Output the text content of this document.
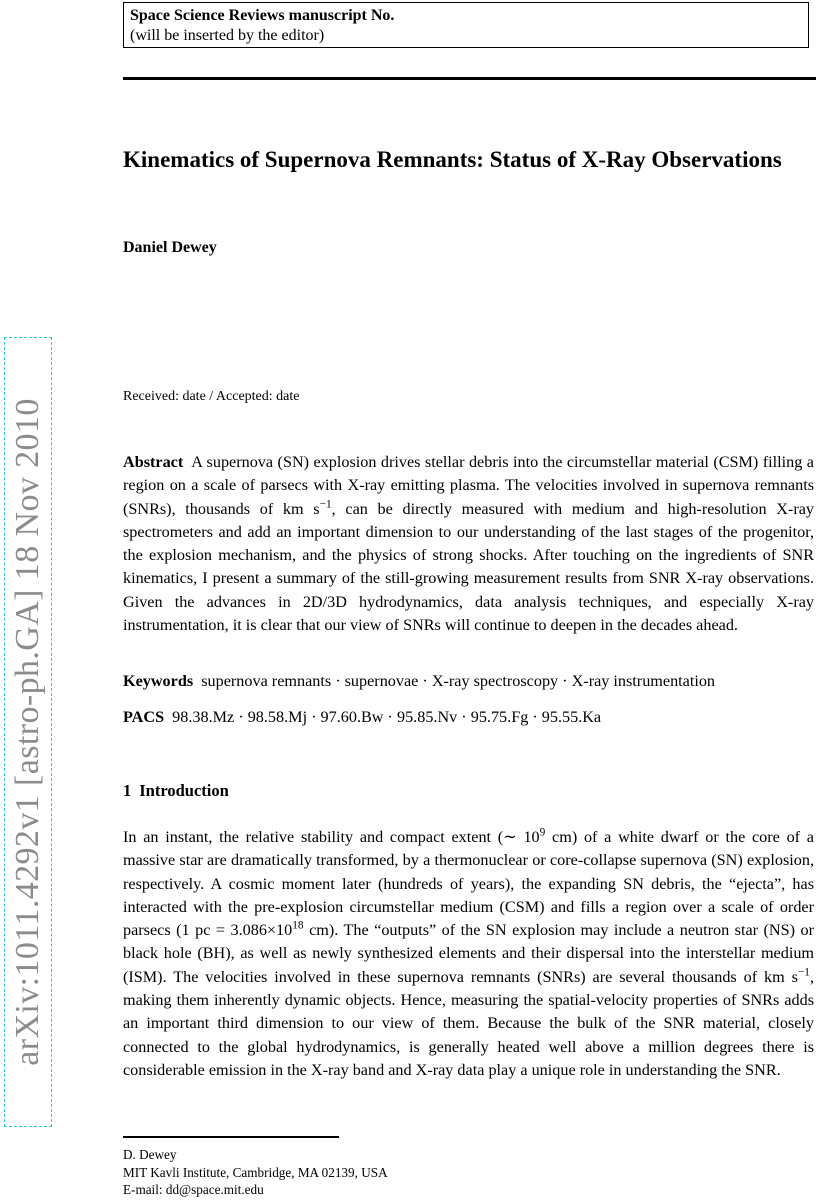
Space Science Reviews manuscript No.
(will be inserted by the editor)
Kinematics of Supernova Remnants: Status of X-Ray Observations
Daniel Dewey
Received: date / Accepted: date

Abstract A supernova (SN) explosion drives stellar debris into the circumstellar material (CSM) filling a region on a scale of parsecs with X-ray emitting plasma. The velocities involved in supernova remnants (SNRs), thousands of km $s^{-1}$, can be directly measured with medium and high-resolution X-ray spectrometers and add an important dimension to our understanding of the last stages of the progenitor, the explosion mechanism, and the physics of strong shocks. After touching on the ingredients of SNR kinematics, I present a summary of the still-growing measurement results from SNR X-ray observations. Given the advances in 2D/3D hydrodynamics, data analysis techniques, and especially X-ray instrumentation, it is clear that our view of SNRs will continue to deepen in the decades ahead.

Keywords supernova remnants · supernovae · X-ray spectroscopy · X-ray instrumentation

PACS 98.38.Mz · 98.58.Mj · 97.60.Bw · 95.85.Nv · 95.75.Fg · 95.55.Ka

1 Introduction

In an instant, the relative stability and compact extent (∼ $10^9$ cm) of a white dwarf or the core of a massive star are dramatically transformed, by a thermonuclear or core-collapse supernova (SN) explosion, respectively. A cosmic moment later (hundreds of years), the expanding SN debris, the “ejecta”, has interacted with the pre-explosion circumstellar medium (CSM) and fills a region over a scale of order parsecs (1 pc = $3.086\times 10^{18}$ cm). The “outputs” of the SN explosion may include a neutron star (NS) or black hole (BH), as well as newly synthesized elements and their dispersal into the interstellar medium (ISM). The velocities involved in these supernova remnants (SNRs) are several thousands of km $s^{-1}$, making them inherently dynamic objects. Hence, measuring the spatial-velocity properties of SNRs adds an important third dimension to our view of them. Because the bulk of the SNR material, closely connected to the global hydrodynamics, is generally heated well above a million degrees there is considerable emission in the X-ray band and X-ray data play a unique role in understanding the SNR.

D. Dewey
MIT Kavli Institute, Cambridge, MA 02139, USA
E-mail: dd@space.mit.edu
arXiv:1011.4292v1 [astro-ph.GA] 18 Nov 2010
